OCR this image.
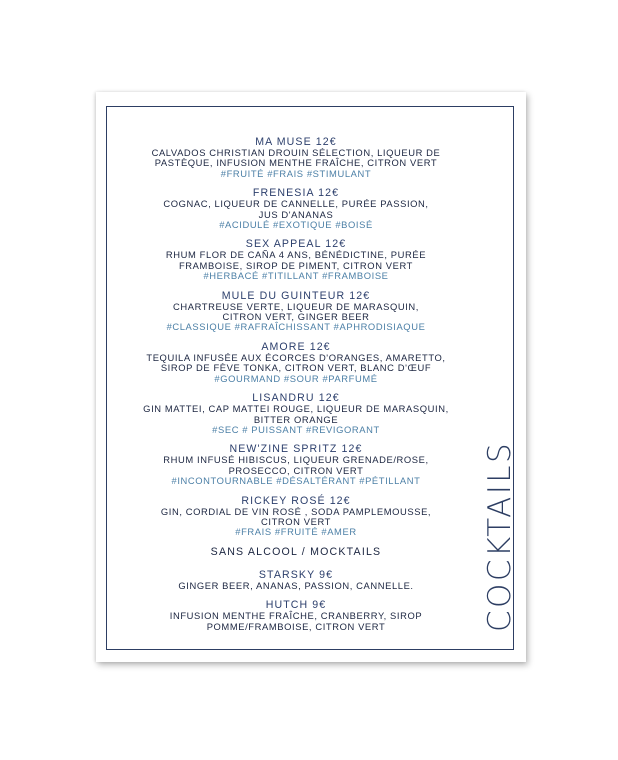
MA MUSE 12€
CALVADOS CHRISTIAN DROUIN SÉLECTION, LIQUEUR DE
PASTÈQUE, INFUSION MENTHE FRAÎCHE, CITRON VERT
#FRUITÉ #FRAIS #STIMULANT
FRENESIA 12€
COGNAC, LIQUEUR DE CANNELLE, PURÉE PASSION,
JUS D'ANANAS
#ACIDULÉ #EXOTIQUE #BOISÉ
SEX APPEAL 12€
RHUM FLOR DE CAÑA 4 ANS, BÉNÉDICTINE, PURÉE
FRAMBOISE, SIROP DE PIMENT, CITRON VERT
#HERBACÉ #TITILLANT #FRAMBOISE
MULE DU GUINTEUR 12€
CHARTREUSE VERTE, LIQUEUR DE MARASQUIN,
CITRON VERT, GINGER BEER
#CLASSIQUE #RAFRAÎCHISSANT #APHRODISIAQUE
AMORE 12€
TEQUILA INFUSÉE AUX ÉCORCES D'ORANGES, AMARETTO,
SIROP DE FÈVE TONKA, CITRON VERT, BLANC D'ŒUF
#GOURMAND #SOUR #PARFUMÉ
LISANDRU 12€
GIN MATTEI, CAP MATTEI ROUGE, LIQUEUR DE MARASQUIN,
BITTER ORANGE
#SEC # PUISSANT #REVIGORANT
NEW'ZINE SPRITZ 12€
RHUM INFUSÉ HIBISCUS, LIQUEUR GRENADE/ROSE,
PROSECCO, CITRON VERT
#INCONTOURNABLE #DÉSALTÉRANT #PÉTILLANT
RICKEY ROSÉ 12€
GIN, CORDIAL DE VIN ROSÉ , SODA PAMPLEMOUSSE,
CITRON VERT
#FRAIS #FRUITÉ #AMER
SANS ALCOOL / MOCKTAILS
STARSKY 9€
GINGER BEER, ANANAS, PASSION, CANNELLE.
HUTCH 9€
INFUSION MENTHE FRAÎCHE, CRANBERRY, SIROP
POMME/FRAMBOISE, CITRON VERT	COCKTAILS
